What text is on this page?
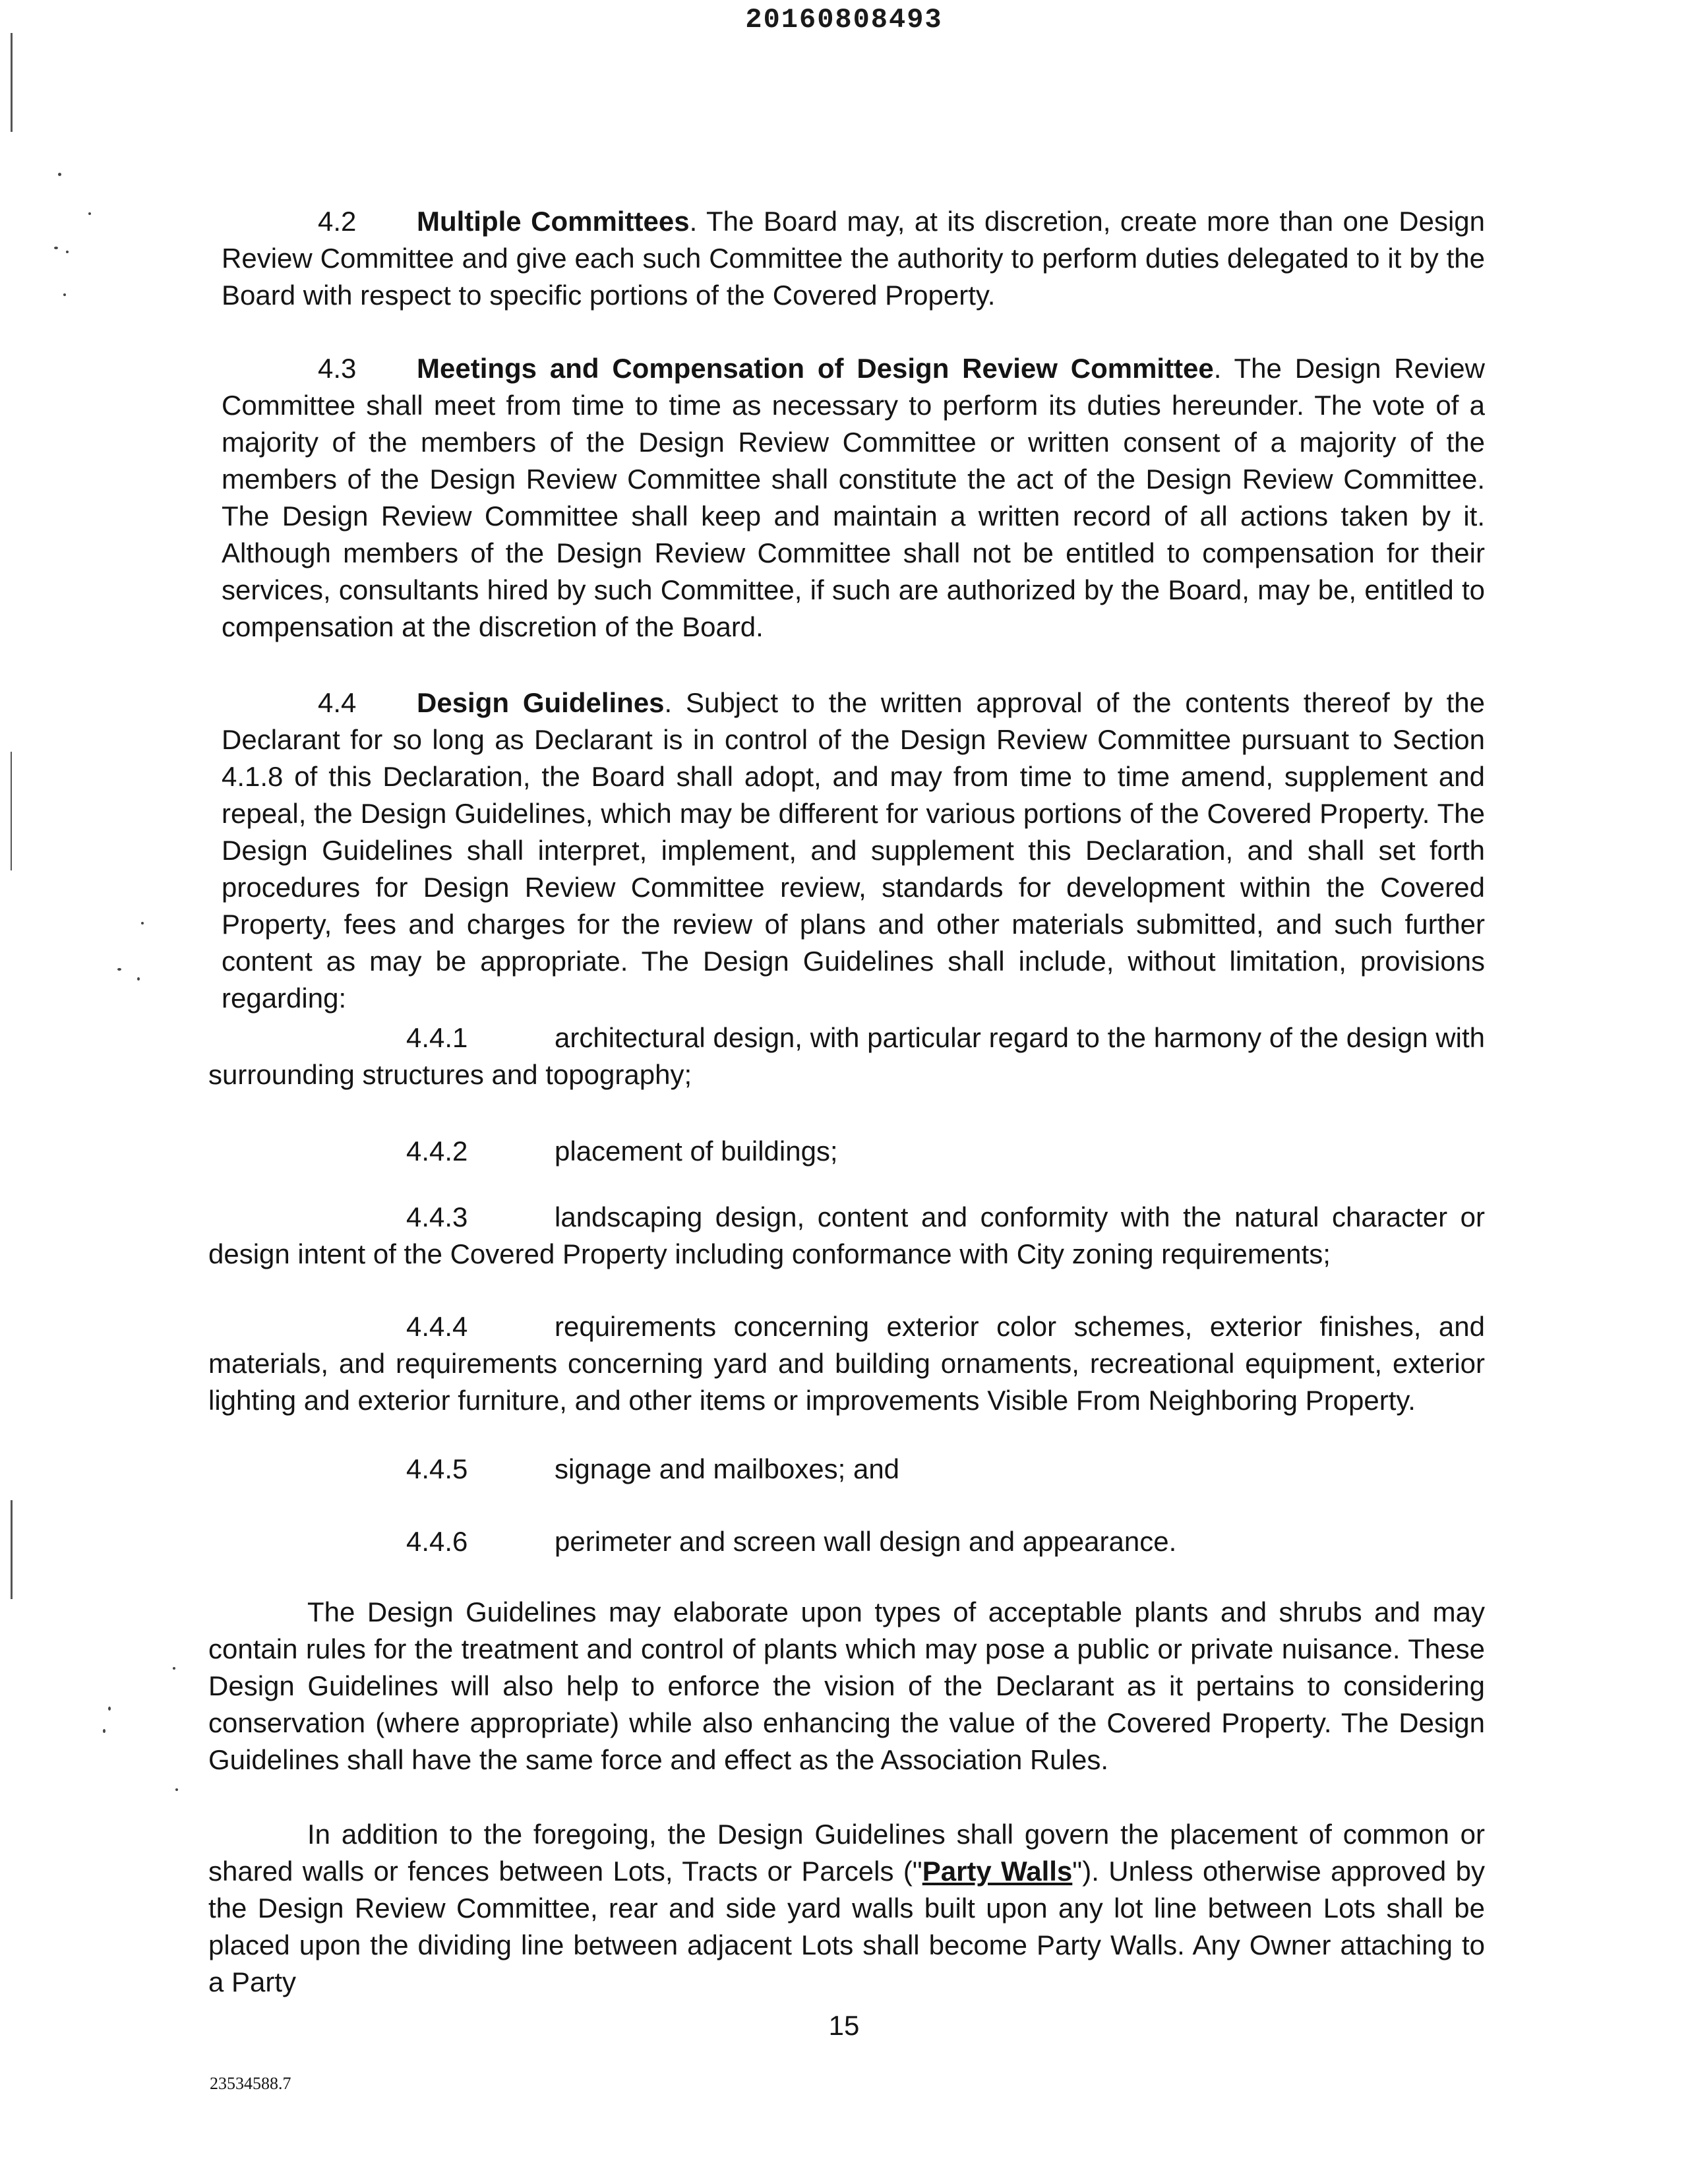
20160808493

4.2 Multiple Committees. The Board may, at its discretion, create more than one Design Review Committee and give each such Committee the authority to perform duties delegated to it by the Board with respect to specific portions of the Covered Property.

4.3 Meetings and Compensation of Design Review Committee. The Design Review Committee shall meet from time to time as necessary to perform its duties hereunder. The vote of a majority of the members of the Design Review Committee or written consent of a majority of the members of the Design Review Committee shall constitute the act of the Design Review Committee. The Design Review Committee shall keep and maintain a written record of all actions taken by it. Although members of the Design Review Committee shall not be entitled to compensation for their services, consultants hired by such Committee, if such are authorized by the Board, may be, entitled to compensation at the discretion of the Board.

4.4 Design Guidelines. Subject to the written approval of the contents thereof by the Declarant for so long as Declarant is in control of the Design Review Committee pursuant to Section 4.1.8 of this Declaration, the Board shall adopt, and may from time to time amend, supplement and repeal, the Design Guidelines, which may be different for various portions of the Covered Property. The Design Guidelines shall interpret, implement, and supplement this Declaration, and shall set forth procedures for Design Review Committee review, standards for development within the Covered Property, fees and charges for the review of plans and other materials submitted, and such further content as may be appropriate. The Design Guidelines shall include, without limitation, provisions regarding:

4.4.1	architectural design, with particular regard to the harmony of the design with

surrounding structures and topography;

4.4.2	placement of buildings;

4.4.3	landscaping design, content and conformity with the natural character or

design intent of the Covered Property including conformance with City zoning requirements;

4.4.4	requirements concerning exterior color schemes, exterior finishes, and

materials, and requirements concerning yard and building ornaments, recreational equipment, exterior lighting and exterior furniture, and other items or improvements Visible From Neighboring Property.

4.4.5	signage and mailboxes; and

4.4.6	perimeter and screen wall design and appearance.

The Design Guidelines may elaborate upon types of acceptable plants and shrubs and may contain rules for the treatment and control of plants which may pose a public or private nuisance. These Design Guidelines will also help to enforce the vision of the Declarant as it pertains to considering conservation (where appropriate) while also enhancing the value of the Covered Property. The Design Guidelines shall have the same force and effect as the Association Rules.

In addition to the foregoing, the Design Guidelines shall govern the placement of common or shared walls or fences between Lots, Tracts or Parcels ("Party Walls"). Unless otherwise approved by the Design Review Committee, rear and side yard walls built upon any lot line between Lots shall be placed upon the dividing line between adjacent Lots shall become Party Walls. Any Owner attaching to a Party

15
23534588.7
